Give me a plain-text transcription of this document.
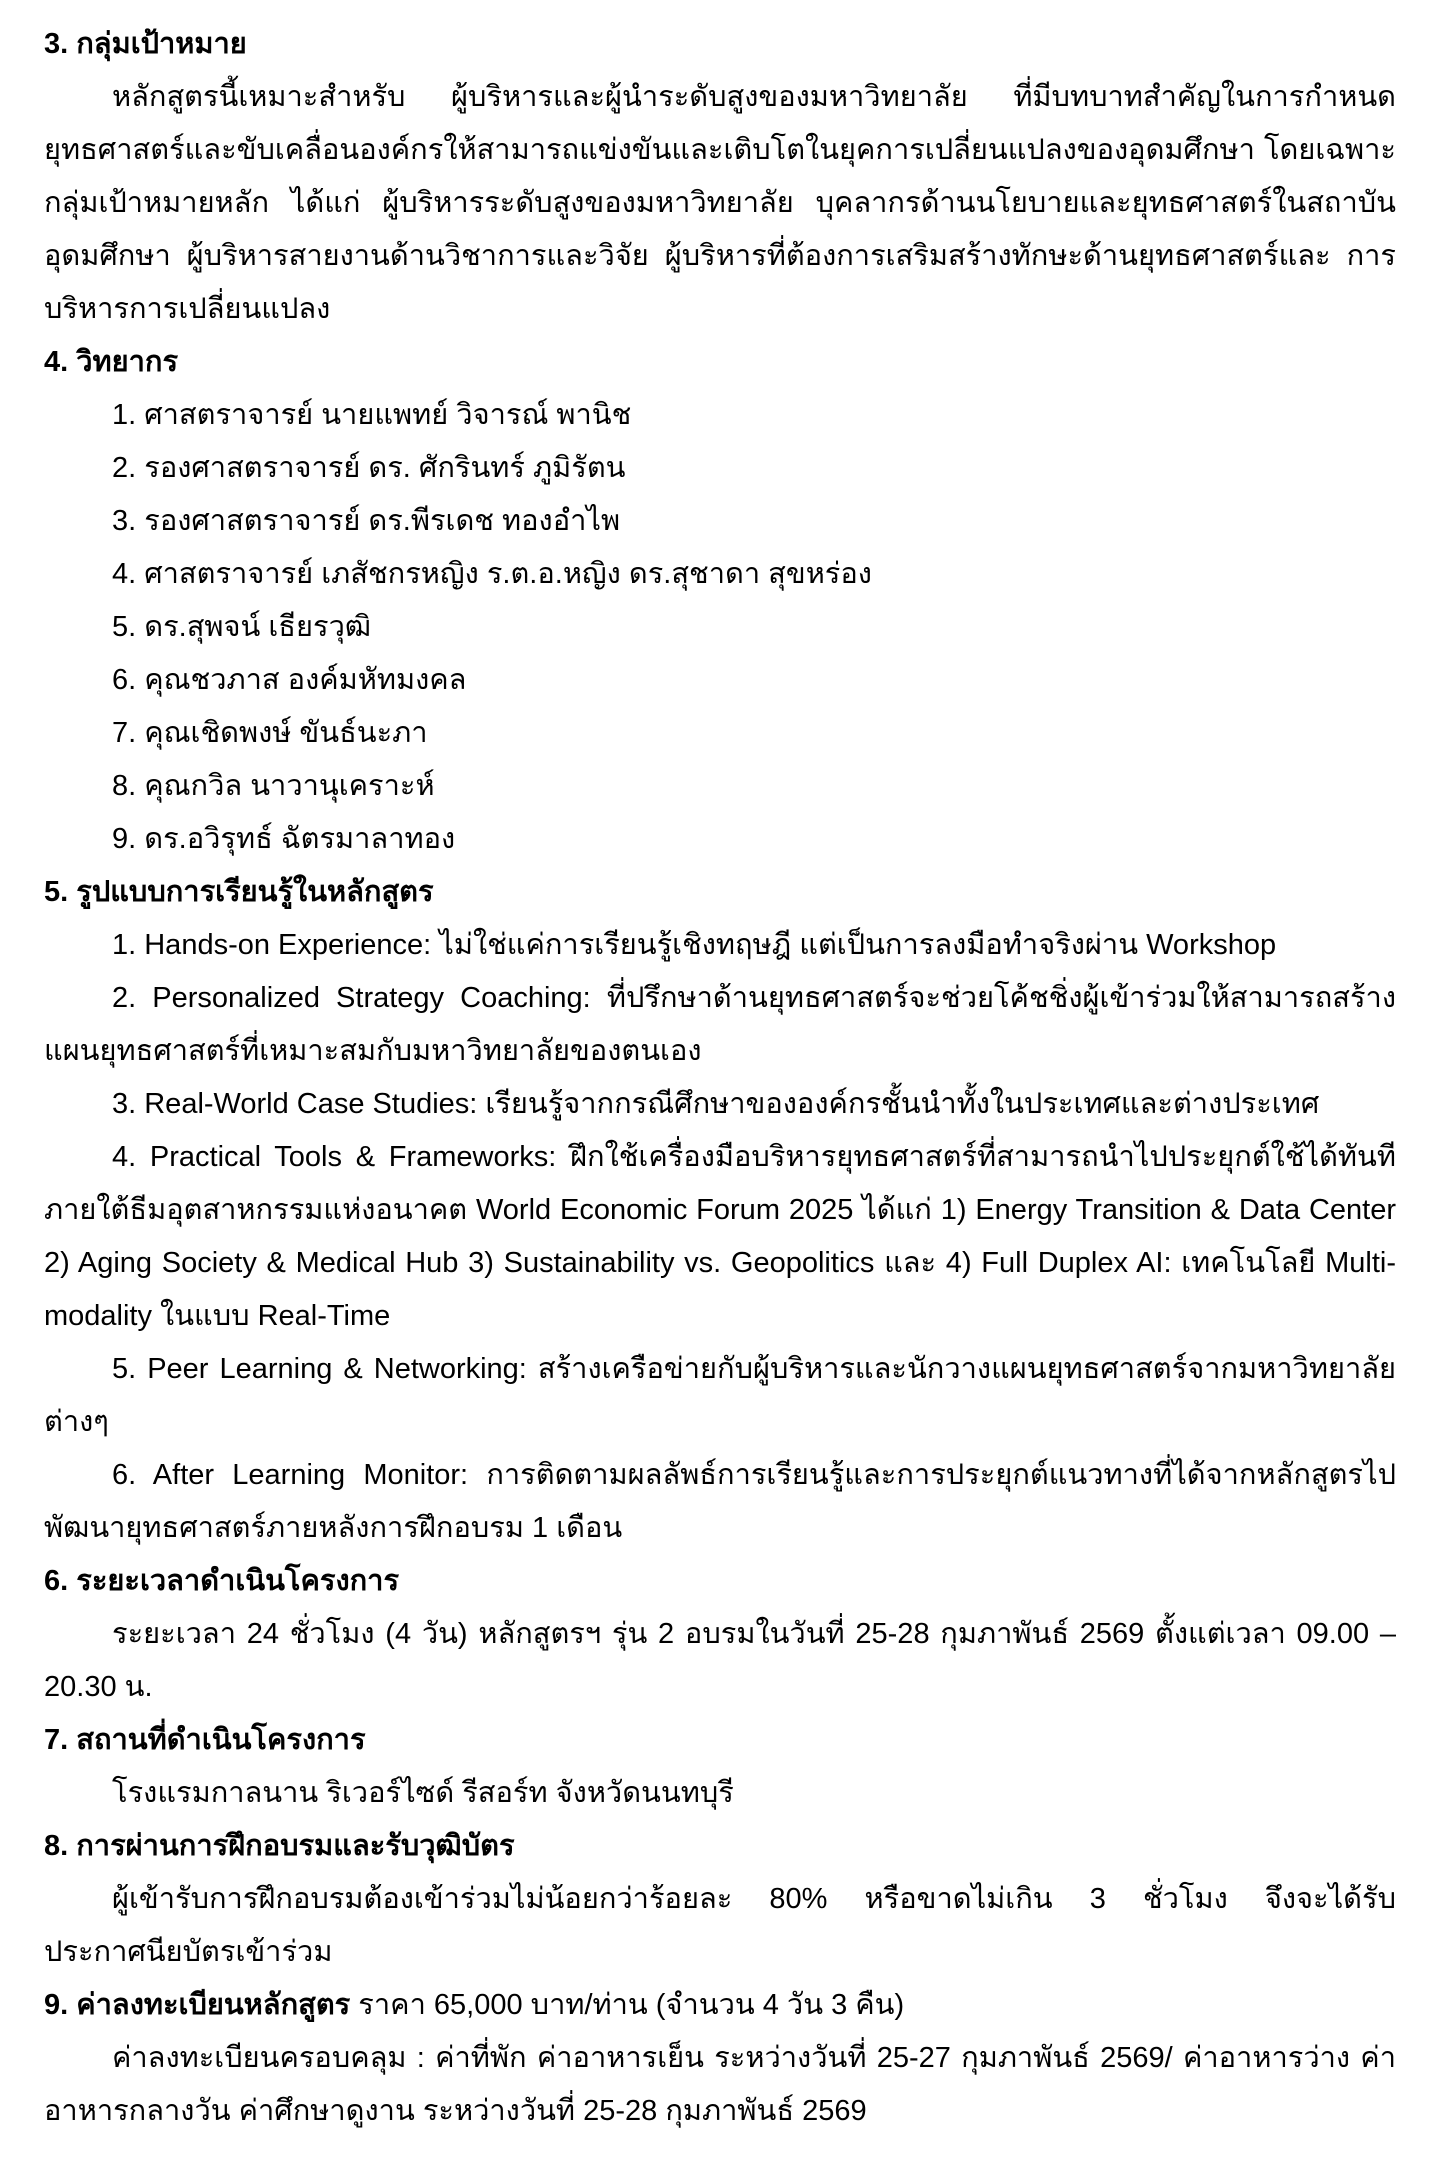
3. กลุ่มเป้าหมาย
หลักสูตรนี้เหมาะสำหรับ ผู้บริหารและผู้นำระดับสูงของมหาวิทยาลัย ที่มีบทบาทสำคัญในการกำหนดยุทธศาสตร์และขับเคลื่อนองค์กรให้สามารถแข่งขันและเติบโตในยุคการเปลี่ยนแปลงของอุดมศึกษา โดยเฉพาะกลุ่มเป้าหมายหลัก ได้แก่ ผู้บริหารระดับสูงของมหาวิทยาลัย บุคลากรด้านนโยบายและยุทธศาสตร์ในสถาบันอุดมศึกษา ผู้บริหารสายงานด้านวิชาการและวิจัย ผู้บริหารที่ต้องการเสริมสร้างทักษะด้านยุทธศาสตร์และ การบริหารการเปลี่ยนแปลง
4. วิทยากร
1. ศาสตราจารย์ นายแพทย์ วิจารณ์ พานิช
2. รองศาสตราจารย์ ดร. ศักรินทร์ ภูมิรัตน
3. รองศาสตราจารย์ ดร.พีรเดช ทองอำไพ
4. ศาสตราจารย์ เภสัชกรหญิง ร.ต.อ.หญิง ดร.สุชาดา สุขหร่อง
5. ดร.สุพจน์ เธียรวุฒิ
6. คุณชวภาส องค์มหัทมงคล
7. คุณเชิดพงษ์ ขันธ์นะภา
8. คุณกวิล นาวานุเคราะห์
9. ดร.อวิรุทธ์ ฉัตรมาลาทอง
5. รูปแบบการเรียนรู้ในหลักสูตร
1. Hands-on Experience: ไม่ใช่แค่การเรียนรู้เชิงทฤษฎี แต่เป็นการลงมือทำจริงผ่าน Workshop
2. Personalized Strategy Coaching: ที่ปรึกษาด้านยุทธศาสตร์จะช่วยโค้ชชิ่งผู้เข้าร่วมให้สามารถสร้างแผนยุทธศาสตร์ที่เหมาะสมกับมหาวิทยาลัยของตนเอง
3. Real-World Case Studies: เรียนรู้จากกรณีศึกษาขององค์กรชั้นนำทั้งในประเทศและต่างประเทศ
4. Practical Tools & Frameworks: ฝึกใช้เครื่องมือบริหารยุทธศาสตร์ที่สามารถนำไปประยุกต์ใช้ได้ทันที ภายใต้ธีมอุตสาหกรรมแห่งอนาคต World Economic Forum 2025 ได้แก่ 1) Energy Transition & Data Center 2) Aging Society & Medical Hub 3) Sustainability vs. Geopolitics และ 4) Full Duplex AI: เทคโนโลยี Multi-modality ในแบบ Real-Time
5. Peer Learning & Networking: สร้างเครือข่ายกับผู้บริหารและนักวางแผนยุทธศาสตร์จากมหาวิทยาลัยต่างๆ
6. After Learning Monitor: การติดตามผลลัพธ์การเรียนรู้และการประยุกต์แนวทางที่ได้จากหลักสูตรไปพัฒนายุทธศาสตร์ภายหลังการฝึกอบรม 1 เดือน
6. ระยะเวลาดำเนินโครงการ
ระยะเวลา 24 ชั่วโมง (4 วัน) หลักสูตรฯ รุ่น 2 อบรมในวันที่ 25-28 กุมภาพันธ์ 2569 ตั้งแต่เวลา 09.00 – 20.30 น.
7. สถานที่ดำเนินโครงการ
โรงแรมกาลนาน ริเวอร์ไซด์ รีสอร์ท จังหวัดนนทบุรี
8. การผ่านการฝึกอบรมและรับวุฒิบัตร
ผู้เข้ารับการฝึกอบรมต้องเข้าร่วมไม่น้อยกว่าร้อยละ 80% หรือขาดไม่เกิน 3 ชั่วโมง จึงจะได้รับประกาศนียบัตรเข้าร่วม
9. ค่าลงทะเบียนหลักสูตร ราคา 65,000 บาท/ท่าน (จำนวน 4 วัน 3 คืน)
ค่าลงทะเบียนครอบคลุม : ค่าที่พัก ค่าอาหารเย็น ระหว่างวันที่ 25-27 กุมภาพันธ์ 2569/ ค่าอาหารว่าง ค่าอาหารกลางวัน ค่าศึกษาดูงาน ระหว่างวันที่ 25-28 กุมภาพันธ์ 2569
